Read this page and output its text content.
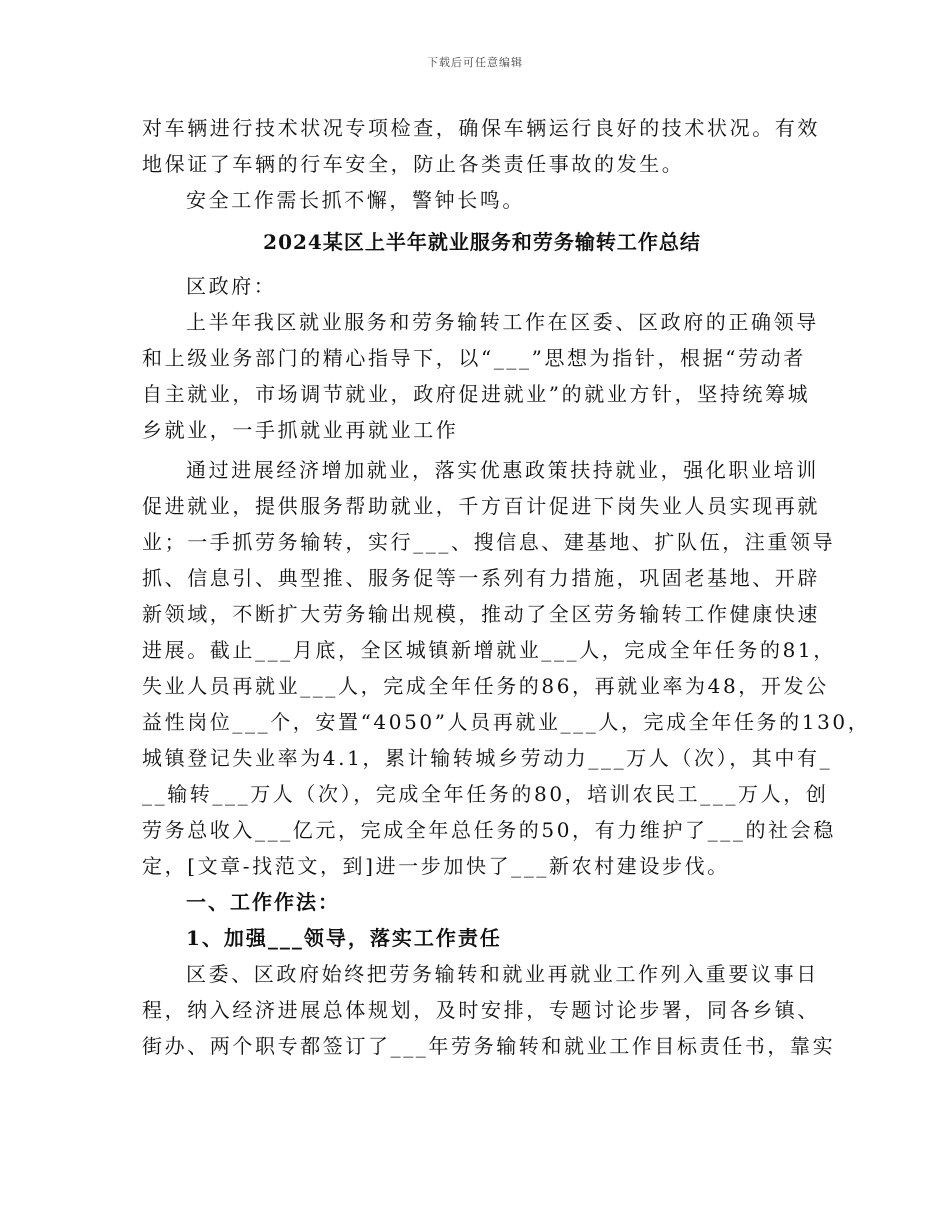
下载后可任意编辑
对车辆进行技术状况专项检查，确保车辆运行良好的技术状况。有效
地保证了车辆的行车安全，防止各类责任事故的发生。
安全工作需长抓不懈，警钟长鸣。
2024某区上半年就业服务和劳务输转工作总结
区政府：
上半年我区就业服务和劳务输转工作在区委、区政府的正确领导
和上级业务部门的精心指导下，以“___”思想为指针，根据“劳动者
自主就业，市场调节就业，政府促进就业”的就业方针，坚持统筹城
乡就业，一手抓就业再就业工作
通过进展经济增加就业，落实优惠政策扶持就业，强化职业培训
促进就业，提供服务帮助就业，千方百计促进下岗失业人员实现再就
业；一手抓劳务输转，实行___、搜信息、建基地、扩队伍，注重领导
抓、信息引、典型推、服务促等一系列有力措施，巩固老基地、开辟
新领域，不断扩大劳务输出规模，推动了全区劳务输转工作健康快速
进展。截止___月底，全区城镇新增就业___人，完成全年任务的81，
失业人员再就业___人，完成全年任务的86，再就业率为48，开发公
益性岗位___个，安置“4050”人员再就业___人，完成全年任务的130，
城镇登记失业率为4.1，累计输转城乡劳动力___万人（次），其中有_
__输转___万人（次），完成全年任务的80，培训农民工___万人，创
劳务总收入___亿元，完成全年总任务的50，有力维护了___的社会稳
定，[文章-找范文，到]进一步加快了___新农村建设步伐。
一、工作作法：
1、加强___领导，落实工作责任
区委、区政府始终把劳务输转和就业再就业工作列入重要议事日
程，纳入经济进展总体规划，及时安排，专题讨论步署，同各乡镇、
街办、两个职专都签订了___年劳务输转和就业工作目标责任书，靠实
